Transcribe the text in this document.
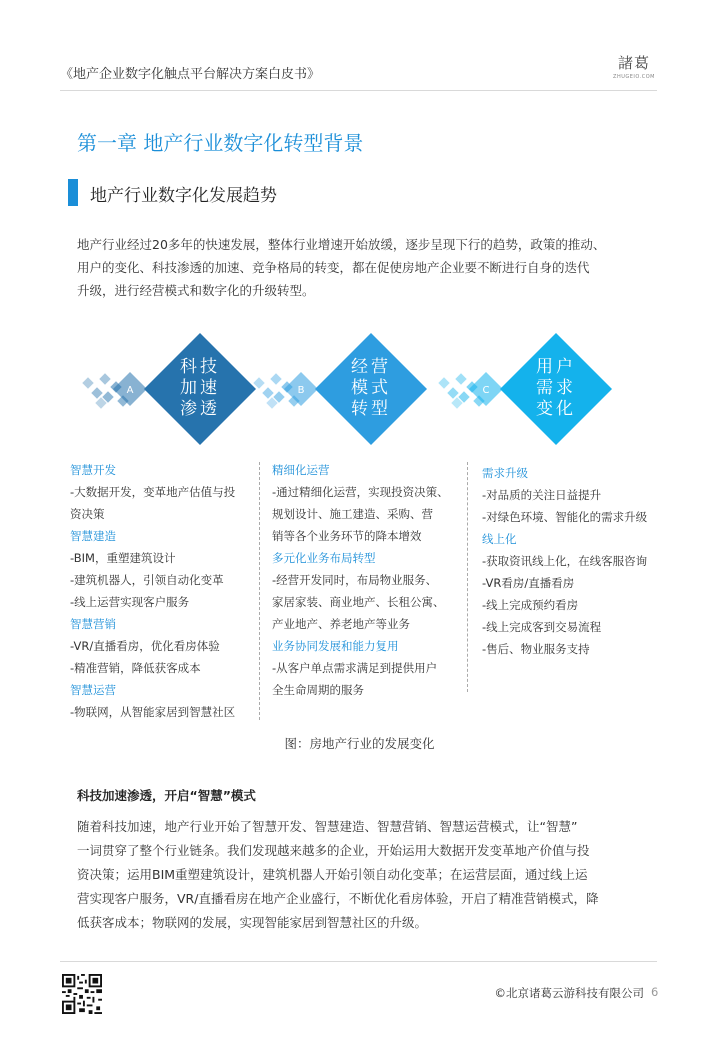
《地产企业数字化触点平台解决方案白皮书》
諸葛
ZHUGEIO.COM
第一章 地产行业数字化转型背景
地产行业数字化发展趋势
地产行业经过20多年的快速发展，整体行业增速开始放缓，逐步呈现下行的趋势，政策的推动、
用户的变化、科技渗透的加速、竞争格局的转变，都在促使房地产企业要不断进行自身的迭代
升级，进行经营模式和数字化的升级转型。
A
科技
加速
渗透
B
经营
模式
转型
C
用户
需求
变化
智慧开发
-大数据开发，变革地产估值与投
资决策
智慧建造
-BIM，重塑建筑设计
-建筑机器人，引领自动化变革
-线上运营实现客户服务
智慧营销
-VR/直播看房，优化看房体验
-精准营销，降低获客成本
智慧运营
-物联网，从智能家居到智慧社区
精细化运营
-通过精细化运营，实现投资决策、
规划设计、施工建造、采购、营
销等各个业务环节的降本增效
多元化业务布局转型
-经营开发同时，布局物业服务、
家居家装、商业地产、长租公寓、
产业地产、养老地产等业务
业务协同发展和能力复用
-从客户单点需求满足到提供用户
全生命周期的服务
需求升级
-对品质的关注日益提升
-对绿色环境、智能化的需求升级
线上化
-获取资讯线上化，在线客服咨询
-VR看房/直播看房
-线上完成预约看房
-线上完成客到交易流程
-售后、物业服务支持
图：房地产行业的发展变化
科技加速渗透，开启“智慧”模式
随着科技加速，地产行业开始了智慧开发、智慧建造、智慧营销、智慧运营模式，让“智慧”
一词贯穿了整个行业链条。我们发现越来越多的企业，开始运用大数据开发变革地产价值与投
资决策；运用BIM重塑建筑设计，建筑机器人开始引领自动化变革；在运营层面，通过线上运
营实现客户服务，VR/直播看房在地产企业盛行，不断优化看房体验，开启了精准营销模式，降
低获客成本；物联网的发展，实现智能家居到智慧社区的升级。
©北京诸葛云游科技有限公司 6
